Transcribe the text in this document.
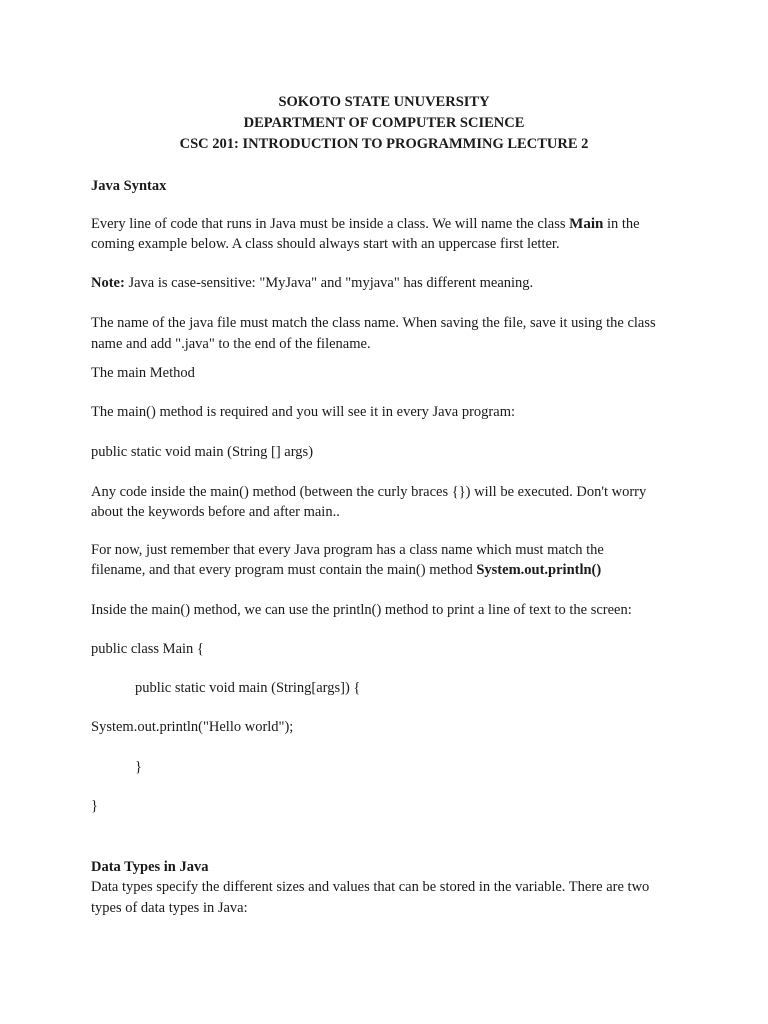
SOKOTO STATE UNUVERSITY
DEPARTMENT OF COMPUTER SCIENCE
CSC 201: INTRODUCTION TO PROGRAMMING LECTURE 2
Java Syntax
Every line of code that runs in Java must be inside a class. We will name the class Main in the
coming example below. A class should always start with an uppercase first letter.
Note: Java is case-sensitive: "MyJava" and "myjava" has different meaning.
The name of the java file must match the class name. When saving the file, save it using the class
name and add ".java" to the end of the filename.
The main Method
The main() method is required and you will see it in every Java program:
public static void main (String [] args)
Any code inside the main() method (between the curly braces {}) will be executed. Don't worry
about the keywords before and after main..
For now, just remember that every Java program has a class name which must match the
filename, and that every program must contain the main() method System.out.println()
Inside the main() method, we can use the println() method to print a line of text to the screen:
public class Main {
public static void main (String[args]) {
System.out.println("Hello world");
}
}
Data Types in Java
Data types specify the different sizes and values that can be stored in the variable. There are two
types of data types in Java:
